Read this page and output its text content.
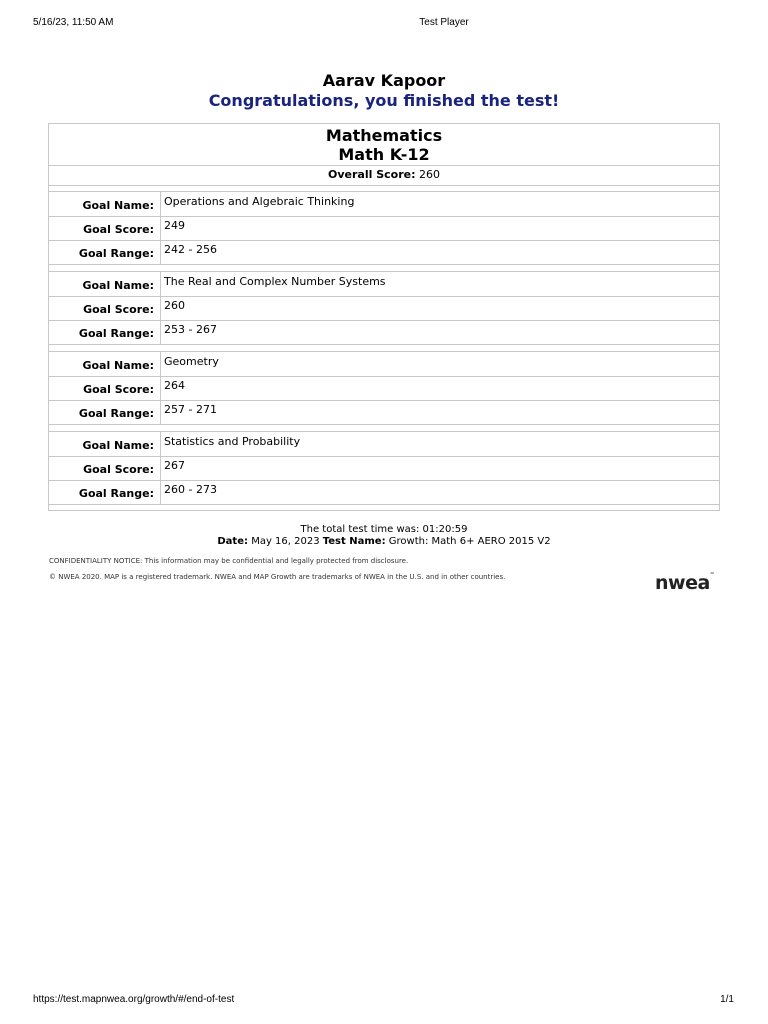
5/16/23, 11:50 AM	Test Player
Aarav Kapoor
Congratulations, you finished the test!
Mathematics
Math K-12
Overall Score: 260
Goal Name: Operations and Algebraic Thinking
Goal Score: 249
Goal Range: 242 - 256
Goal Name: The Real and Complex Number Systems
Goal Score: 260
Goal Range: 253 - 267
Goal Name: Geometry
Goal Score: 264
Goal Range: 257 - 271
Goal Name: Statistics and Probability
Goal Score: 267
Goal Range: 260 - 273
The total test time was: 01:20:59
Date: May 16, 2023 Test Name: Growth: Math 6+ AERO 2015 V2
CONFIDENTIALITY NOTICE: This information may be confidential and legally protected from disclosure.
© NWEA 2020. MAP is a registered trademark. NWEA and MAP Growth are trademarks of NWEA in the U.S. and in other countries.	nwea™
https://test.mapnwea.org/growth/#/end-of-test	1/1
